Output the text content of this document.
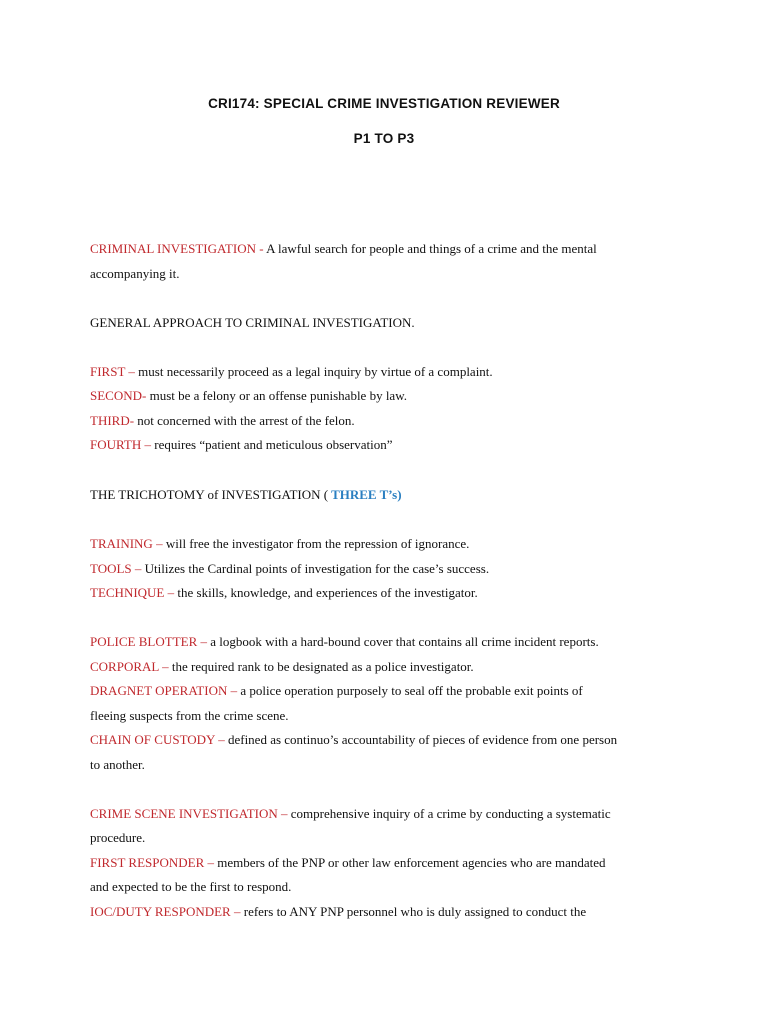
CRI174: SPECIAL CRIME INVESTIGATION REVIEWER
P1 TO P3
CRIMINAL INVESTIGATION - A lawful search for people and things of a crime and the mental
accompanying it.
GENERAL APPROACH TO CRIMINAL INVESTIGATION.
FIRST – must necessarily proceed as a legal inquiry by virtue of a complaint.
SECOND- must be a felony or an offense punishable by law.
THIRD- not concerned with the arrest of the felon.
FOURTH – requires “patient and meticulous observation”
THE TRICHOTOMY of INVESTIGATION ( THREE T’s)
TRAINING – will free the investigator from the repression of ignorance.
TOOLS – Utilizes the Cardinal points of investigation for the case’s success.
TECHNIQUE – the skills, knowledge, and experiences of the investigator.
POLICE BLOTTER – a logbook with a hard-bound cover that contains all crime incident reports.
CORPORAL – the required rank to be designated as a police investigator.
DRAGNET OPERATION – a police operation purposely to seal off the probable exit points of
fleeing suspects from the crime scene.
CHAIN OF CUSTODY – defined as continuo’s accountability of pieces of evidence from one person
to another.
CRIME SCENE INVESTIGATION – comprehensive inquiry of a crime by conducting a systematic
procedure.
FIRST RESPONDER – members of the PNP or other law enforcement agencies who are mandated
and expected to be the first to respond.
IOC/DUTY RESPONDER – refers to ANY PNP personnel who is duly assigned to conduct the
